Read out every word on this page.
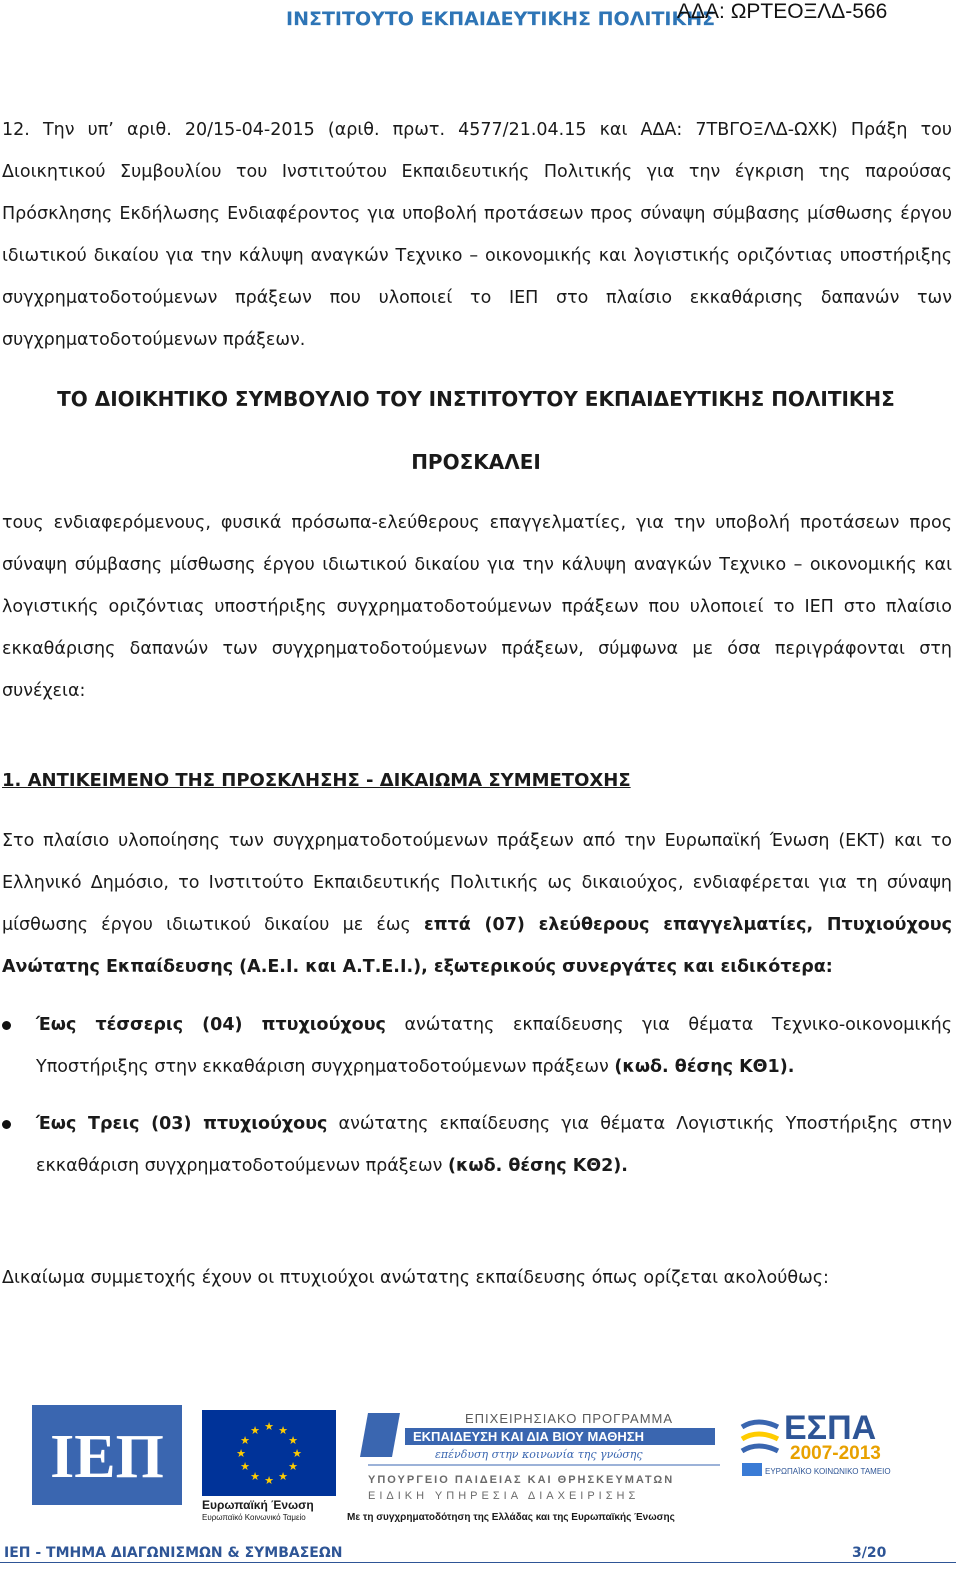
ΙΝΣΤΙΤΟΥΤΟ ΕΚΠΑΙΔΕΥΤΙΚΗΣ ΠΟΛΙΤΙΚΗΣ
ΑΔΑ: ΩΡΤΕΟΞΛΔ-566

12. Την υπ’ αριθ. 20/15-04-2015 (αριθ. πρωτ. 4577/21.04.15 και ΑΔΑ: 7ΤΒΓΟΞΛΔ-ΩΧΚ) Πράξη του Διοικητικού Συμβουλίου του Ινστιτούτου Εκπαιδευτικής Πολιτικής για την έγκριση της παρούσας Πρόσκλησης Εκδήλωσης Ενδιαφέροντος για υποβολή προτάσεων προς σύναψη σύμβασης μίσθωσης έργου ιδιωτικού δικαίου για την κάλυψη αναγκών Τεχνικο – οικονομικής και λογιστικής οριζόντιας υποστήριξης συγχρηματοδοτούμενων πράξεων που υλοποιεί το ΙΕΠ στο πλαίσιο εκκαθάρισης δαπανών των συγχρηματοδοτούμενων πράξεων.

ΤΟ ΔΙΟΙΚΗΤΙΚΟ ΣΥΜΒΟΥΛΙΟ ΤΟΥ ΙΝΣΤΙΤΟΥΤΟΥ ΕΚΠΑΙΔΕΥΤΙΚΗΣ ΠΟΛΙΤΙΚΗΣ
ΠΡΟΣΚΑΛΕΙ

τους ενδιαφερόμενους, φυσικά πρόσωπα-ελεύθερους επαγγελματίες, για την υποβολή προτάσεων προς σύναψη σύμβασης μίσθωσης έργου ιδιωτικού δικαίου για την κάλυψη αναγκών Τεχνικο – οικονομικής και λογιστικής οριζόντιας υποστήριξης συγχρηματοδοτούμενων πράξεων που υλοποιεί το ΙΕΠ στο πλαίσιο εκκαθάρισης δαπανών των συγχρηματοδοτούμενων πράξεων, σύμφωνα με όσα περιγράφονται στη συνέχεια:

1. ΑΝΤΙΚΕΙΜΕΝΟ ΤΗΣ ΠΡΟΣΚΛΗΣΗΣ - ΔΙΚΑΙΩΜΑ ΣΥΜΜΕΤΟΧΗΣ

Στο πλαίσιο υλοποίησης των συγχρηματοδοτούμενων πράξεων από την Ευρωπαϊκή Ένωση (ΕΚΤ) και το Ελληνικό Δημόσιο, το Ινστιτούτο Εκπαιδευτικής Πολιτικής ως δικαιούχος, ενδιαφέρεται για τη σύναψη μίσθωσης έργου ιδιωτικού δικαίου με έως επτά (07) ελεύθερους επαγγελματίες, Πτυχιούχους Ανώτατης Εκπαίδευσης (Α.Ε.Ι. και Α.Τ.Ε.Ι.), εξωτερικούς συνεργάτες και ειδικότερα:

Έως τέσσερις (04) πτυχιούχους ανώτατης εκπαίδευσης για θέματα Τεχνικο-οικονομικής Υποστήριξης στην εκκαθάριση συγχρηματοδοτούμενων πράξεων (κωδ. θέσης ΚΘ1).
Έως Τρεις (03) πτυχιούχους ανώτατης εκπαίδευσης για θέματα Λογιστικής Υποστήριξης στην εκκαθάριση συγχρηματοδοτούμενων πράξεων (κωδ. θέσης ΚΘ2).

Δικαίωμα συμμετοχής έχουν οι πτυχιούχοι ανώτατης εκπαίδευσης όπως ορίζεται ακολούθως:

ΙΕΠ	★ ★
★
★
★
★
★
★
★
★
★
★
Ευρωπαϊκή Ένωση
Ευρωπαϊκό Κοινωνικό Ταμείο
ΕΠΙΧΕΙΡΗΣΙΑΚΟ ΠΡΟΓΡΑΜΜΑ
ΕΚΠΑΙΔΕΥΣΗ ΚΑΙ ΔΙΑ ΒΙΟΥ ΜΑΘΗΣΗ
επένδυση στην κοινωνία της γνώσης
ΥΠΟΥΡΓΕΙΟ ΠΑΙΔΕΙΑΣ ΚΑΙ ΘΡΗΣΚΕΥΜΑΤΩΝ
ΕΙΔΙΚΗ ΥΠΗΡΕΣΙΑ ΔΙΑΧΕΙΡΙΣΗΣ
Με τη συγχρηματοδότηση της Ελλάδας και της Ευρωπαϊκής Ένωσης
ΕΣΠΑ
2007-2013
ΕΥΡΩΠΑΪΚΟ ΚΟΙΝΩΝΙΚΟ ΤΑΜΕΙΟ
ΙΕΠ - ΤΜΗΜΑ ΔΙΑΓΩΝΙΣΜΩΝ & ΣΥΜΒΑΣΕΩΝ	3/20
